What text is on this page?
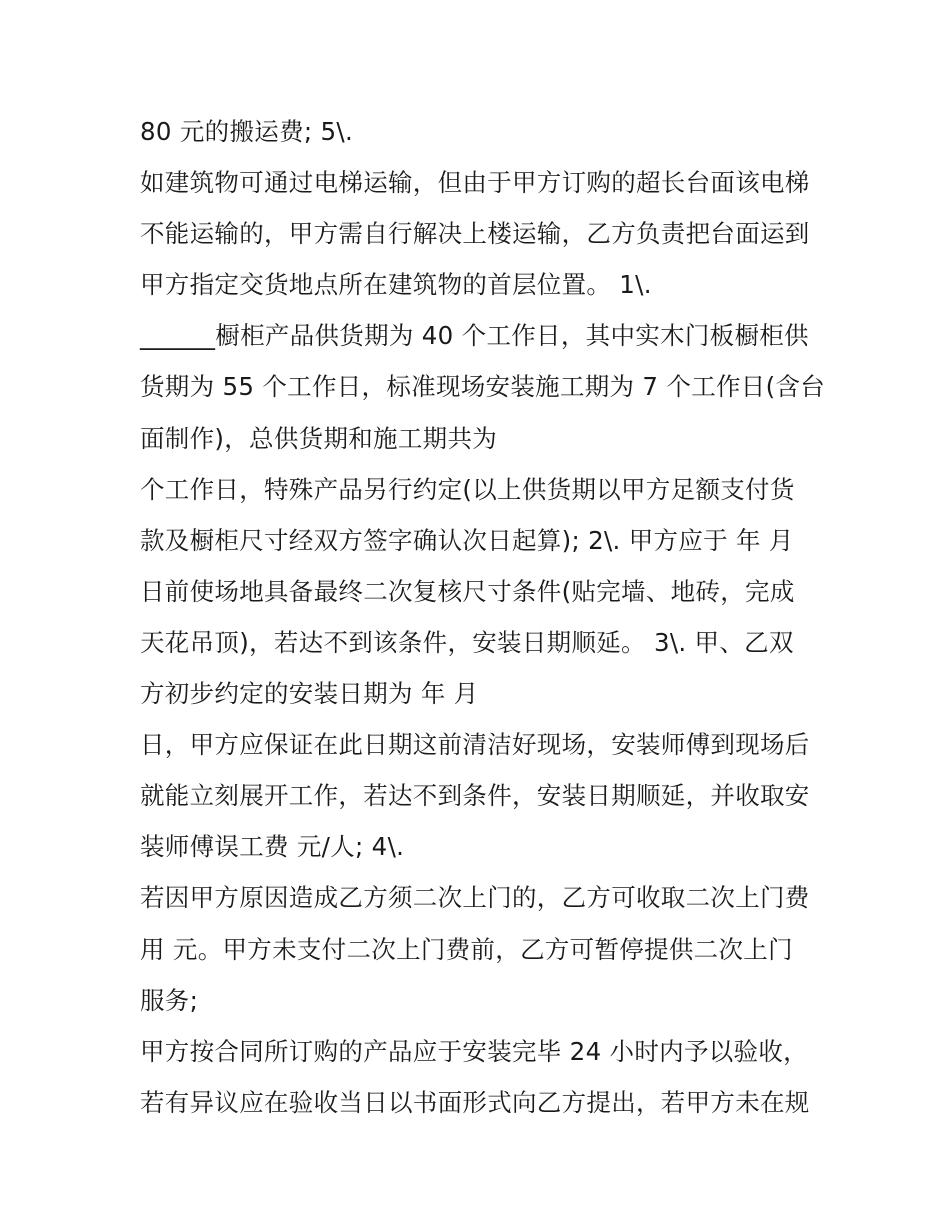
80 元的搬运费; 5\.
如建筑物可通过电梯运输，但由于甲方订购的超长台面该电梯
不能运输的，甲方需自行解决上楼运输，乙方负责把台面运到
甲方指定交货地点所在建筑物的首层位置。 1\.
______橱柜产品供货期为 40 个工作日，其中实木门板橱柜供
货期为 55 个工作日，标准现场安装施工期为 7 个工作日(含台
面制作)，总供货期和施工期共为
个工作日，特殊产品另行约定(以上供货期以甲方足额支付货
款及橱柜尺寸经双方签字确认次日起算); 2\. 甲方应于 年 月
日前使场地具备最终二次复核尺寸条件(贴完墙、地砖，完成
天花吊顶)，若达不到该条件，安装日期顺延。 3\. 甲、乙双
方初步约定的安装日期为 年 月
日，甲方应保证在此日期这前清洁好现场，安装师傅到现场后
就能立刻展开工作，若达不到条件，安装日期顺延，并收取安
装师傅误工费 元/人; 4\.
若因甲方原因造成乙方须二次上门的，乙方可收取二次上门费
用 元。甲方未支付二次上门费前，乙方可暂停提供二次上门
服务;
甲方按合同所订购的产品应于安装完毕 24 小时内予以验收，
若有异议应在验收当日以书面形式向乙方提出，若甲方未在规
